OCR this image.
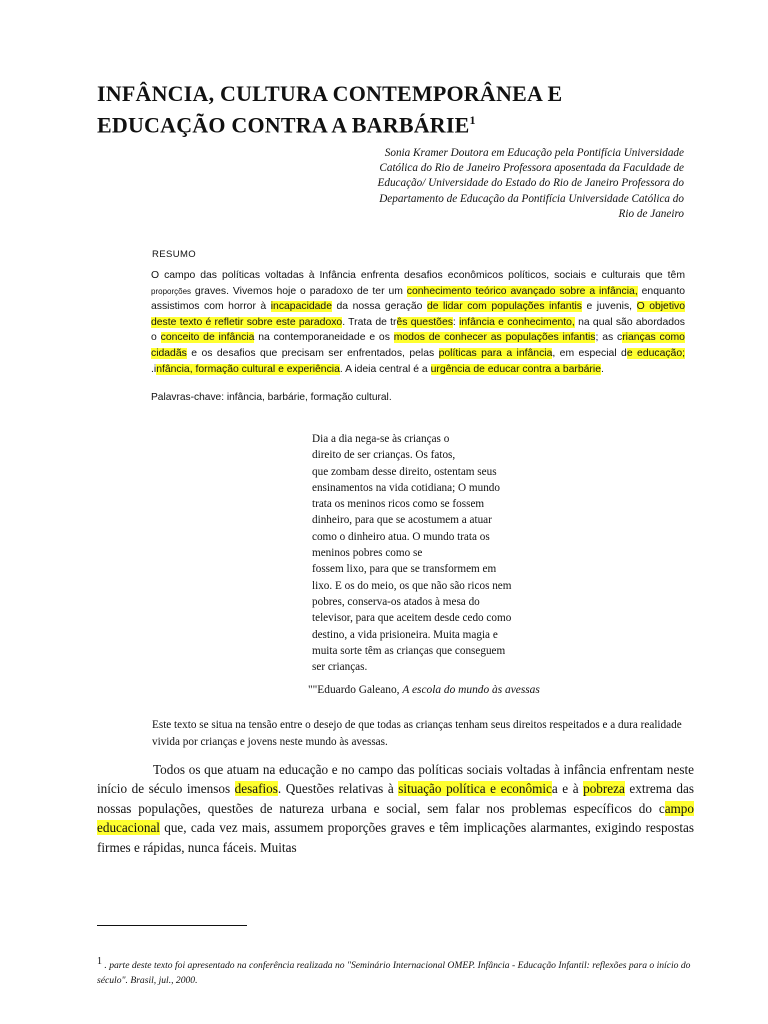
INFÂNCIA, CULTURA CONTEMPORÂNEA E
EDUCAÇÃO CONTRA A BARBÁRIE$^1$
Sonia Kramer Doutora em Educação pela Pontifícia Universidade Católica do Rio de Janeiro Professora aposentada da Faculdade de Educação/ Universidade do Estado do Rio de Janeiro Professora do Departamento de Educação da Pontifícia Universidade Católica do Rio de Janeiro
RESUMO
O campo das políticas voltadas à Infância enfrenta desafios econômicos políticos, sociais e culturais que têm proporções graves. Vivemos hoje o paradoxo de ter um conhecimento teórico avançado sobre a infância, enquanto assistimos com horror à incapacidade da nossa geração de lidar com populações infantis e juvenis, O objetivo deste texto é refletir sobre este paradoxo. Trata de três questões: infância e conhecimento, na qual são abordados o conceito de infância na contemporaneidade e os modos de conhecer as populações infantis; as crianças como cidadãs e os desafios que precisam ser enfrentados, pelas políticas para a infância, em especial de educação; .infância, formação cultural e experiência. A ideia central é a urgência de educar contra a barbárie.
Palavras-chave: infância, barbárie, formação cultural.
Dia a dia nega-se às crianças o
direito de ser crianças. Os fatos,
que zombam desse direito, ostentam seus
ensinamentos na vida cotidiana; O mundo
trata os meninos ricos como se fossem
dinheiro, para que se acostumem a atuar
como o dinheiro atua. O mundo trata os
meninos pobres como se
fossem lixo, para que se transformem em
lixo. E os do meio, os que não são ricos nem
pobres, conserva-os atados à mesa do
televisor, para que aceitem desde cedo como
destino, a vida prisioneira. Muita magia e
muita sorte têm as crianças que conseguem
ser crianças.
""Eduardo Galeano, A escola do mundo às avessas
Este texto se situa na tensão entre o desejo de que todas as crianças tenham seus direitos respeitados e a dura realidade vivida por crianças e jovens neste mundo às avessas.
Todos os que atuam na educação e no campo das políticas sociais voltadas à infância enfrentam neste início de século imensos desafios. Questões relativas à situação política e econômica e à pobreza extrema das nossas populações, questões de natureza urbana e social, sem falar nos problemas específicos do campo educacional que, cada vez mais, assumem proporções graves e têm implicações alarmantes, exigindo respostas firmes e rápidas, nunca fáceis. Muitas
$^1$ . parte deste texto foi apresentado na conferência realizada no "Seminário Internacional OMEP. Infância - Educação Infantil: reflexões para o início do século". Brasil, jul., 2000.
